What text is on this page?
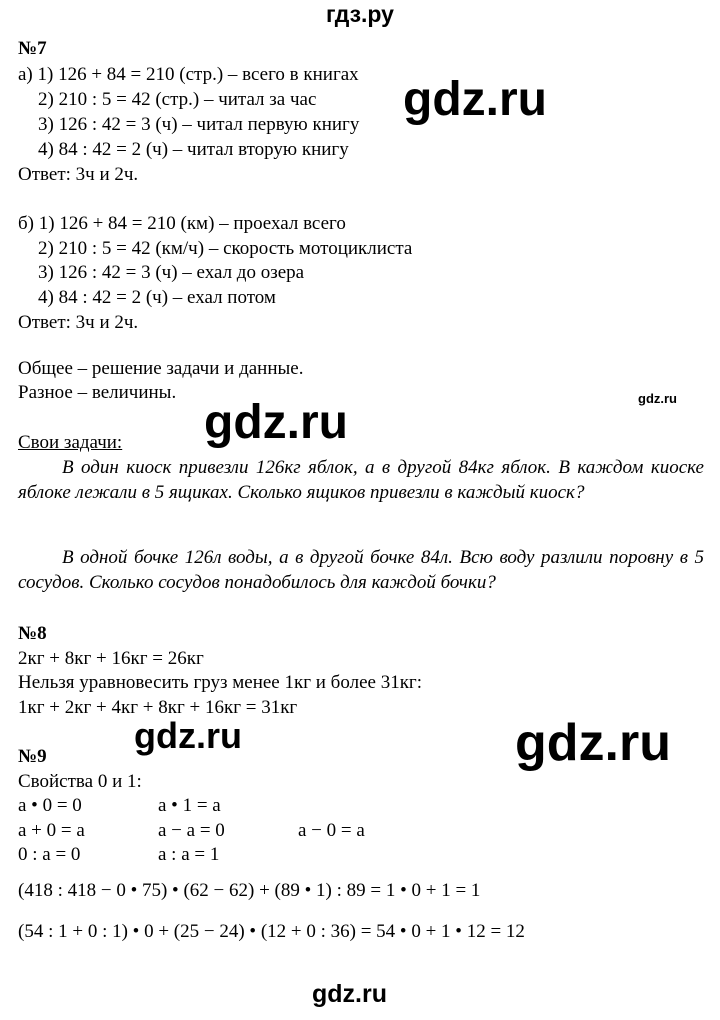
гдз.ру
№7
а) 1) 126 + 84 = 210 (стр.) – всего в книгах
2) 210 : 5 = 42 (стр.) – читал за час
3) 126 : 42 = 3 (ч) – читал первую книгу
4) 84 : 42 = 2 (ч) – читал вторую книгу
Ответ: 3ч и 2ч.
б) 1) 126 + 84 = 210 (км) – проехал всего
2) 210 : 5 = 42 (км/ч) – скорость мотоциклиста
3) 126 : 42 = 3 (ч) – ехал до озера
4) 84 : 42 = 2 (ч) – ехал потом
Ответ: 3ч и 2ч.
Общее – решение задачи и данные.
Разное – величины.
Свои задачи:
В один киоск привезли 126кг яблок, а в другой 84кг яблок. В каждом киоске яблоке лежали в 5 ящиках. Сколько ящиков привезли в каждый киоск?
В одной бочке 126л воды, а в другой бочке 84л. Всю воду разлили поровну в 5 сосудов. Сколько сосудов понадобилось для каждой бочки?
№8
2кг + 8кг + 16кг = 26кг
Нельзя уравновесить груз менее 1кг и более 31кг:
1кг + 2кг + 4кг + 8кг + 16кг = 31кг
№9
Свойства 0 и 1:
а • 0 = 0	а • 1 = а
а + 0 = а	а − а = 0	а − 0 = а
0 : а = 0	а : а = 1
(418 : 418 − 0 • 75) • (62 − 62) + (89 • 1) : 89 = 1 • 0 + 1 = 1
(54 : 1 + 0 : 1) • 0 + (25 − 24) • (12 + 0 : 36) = 54 • 0 + 1 • 12 = 12
gdz.ru
gdz.ru
gdz.ru
gdz.ru	gdz.ru
gdz.ru
